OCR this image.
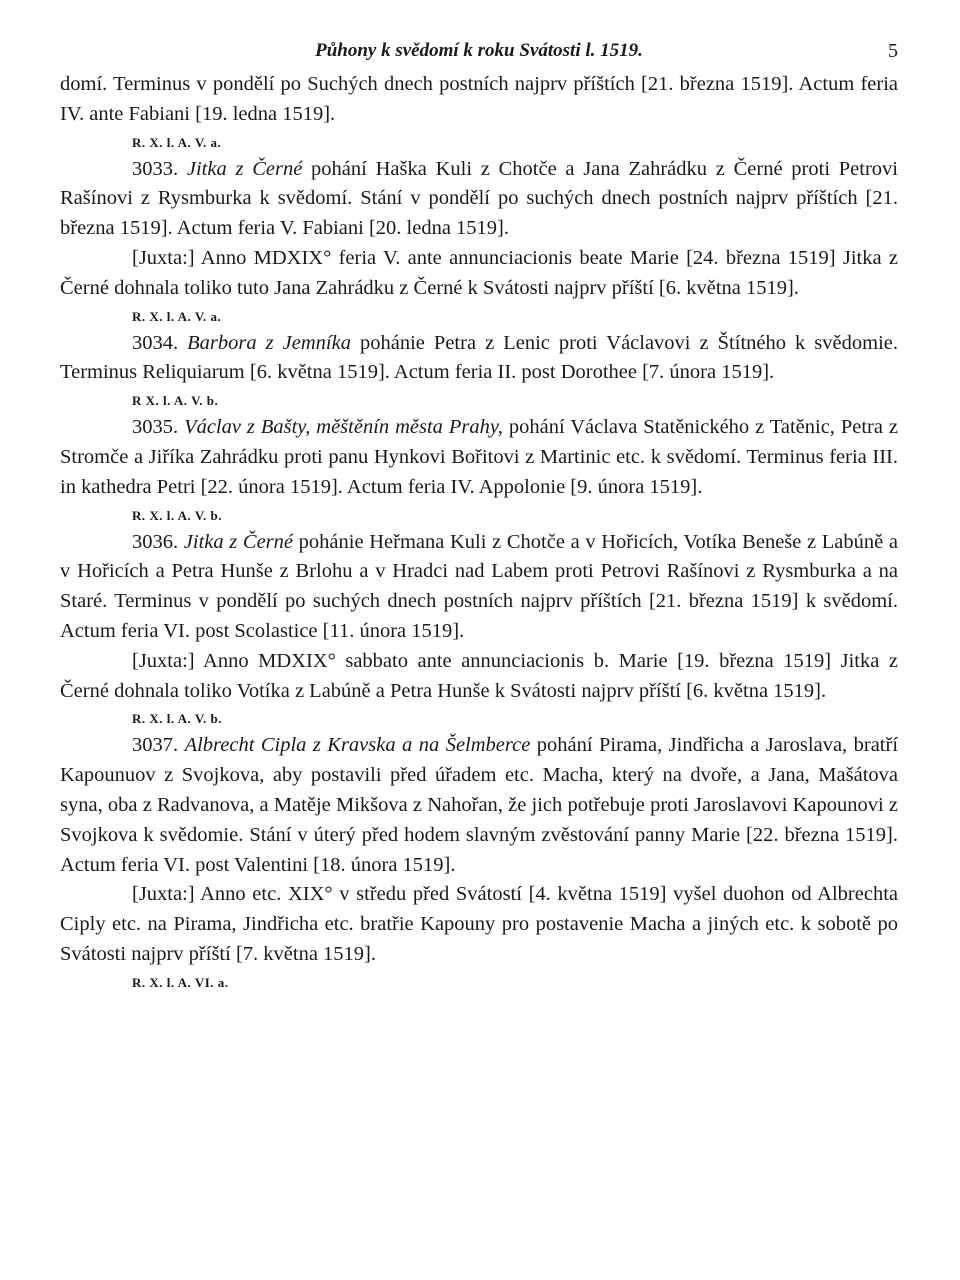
Půhony k svědomí k roku Svátosti l. 1519.	5

domí. Terminus v pondělí po Suchých dnech postních najprv příštích [21. března 1519]. Actum feria IV. ante Fabiani [19. ledna 1519].

R. X. l. A. V. a.

3033. Jitka z Černé pohání Haška Kuli z Chotče a Jana Zahrádku z Černé proti Petrovi Rašínovi z Rysmburka k svědomí. Stání v pondělí po suchých dnech postních najprv příštích [21. března 1519]. Actum feria V. Fabiani [20. ledna 1519].

[Juxta:] Anno MDXIX° feria V. ante annunciacionis beate Marie [24. března 1519] Jitka z Černé dohnala toliko tuto Jana Zahrádku z Černé k Svátosti najprv příští [6. května 1519].

R. X. l. A. V. a.

3034. Barbora z Jemníka pohánie Petra z Lenic proti Václavovi z Štítného k svědomie. Terminus Reliquiarum [6. května 1519]. Actum feria II. post Dorothee [7. února 1519].

R X. l. A. V. b.

3035. Václav z Bašty, měštěnín města Prahy, pohání Václava Statěnického z Tatěnic, Petra z Stromče a Jiříka Zahrádku proti panu Hynkovi Bořitovi z Martinic etc. k svědomí. Terminus feria III. in kathedra Petri [22. února 1519]. Actum feria IV. Appolonie [9. února 1519].

R. X. l. A. V. b.

3036. Jitka z Černé pohánie Heřmana Kuli z Chotče a v Hořicích, Votíka Beneše z Labúně a v Hořicích a Petra Hunše z Brlohu a v Hradci nad Labem proti Petrovi Rašínovi z Rysmburka a na Staré. Terminus v pondělí po suchých dnech postních najprv příštích [21. března 1519] k svědomí. Actum feria VI. post Scolastice [11. února 1519].

[Juxta:] Anno MDXIX° sabbato ante annunciacionis b. Marie [19. března 1519] Jitka z Černé dohnala toliko Votíka z Labúně a Petra Hunše k Svátosti najprv příští [6. května 1519].

R. X. l. A. V. b.

3037. Albrecht Cipla z Kravska a na Šelmberce pohání Pirama, Jindřicha a Jaroslava, bratří Kapounuov z Svojkova, aby postavili před úřadem etc. Macha, který na dvoře, a Jana, Mašátova syna, oba z Radvanova, a Matěje Mikšova z Nahořan, že jich potřebuje proti Jaroslavovi Kapounovi z Svojkova k svědomie. Stání v úterý před hodem slavným zvěstování panny Marie [22. března 1519]. Actum feria VI. post Valentini [18. února 1519].

[Juxta:] Anno etc. XIX° v středu před Svátostí [4. května 1519] vyšel duohon od Albrechta Ciply etc. na Pirama, Jindřicha etc. bratřie Kapouny pro postavenie Macha a jiných etc. k sobotě po Svátosti najprv příští [7. května 1519].

R. X. l. A. VI. a.
